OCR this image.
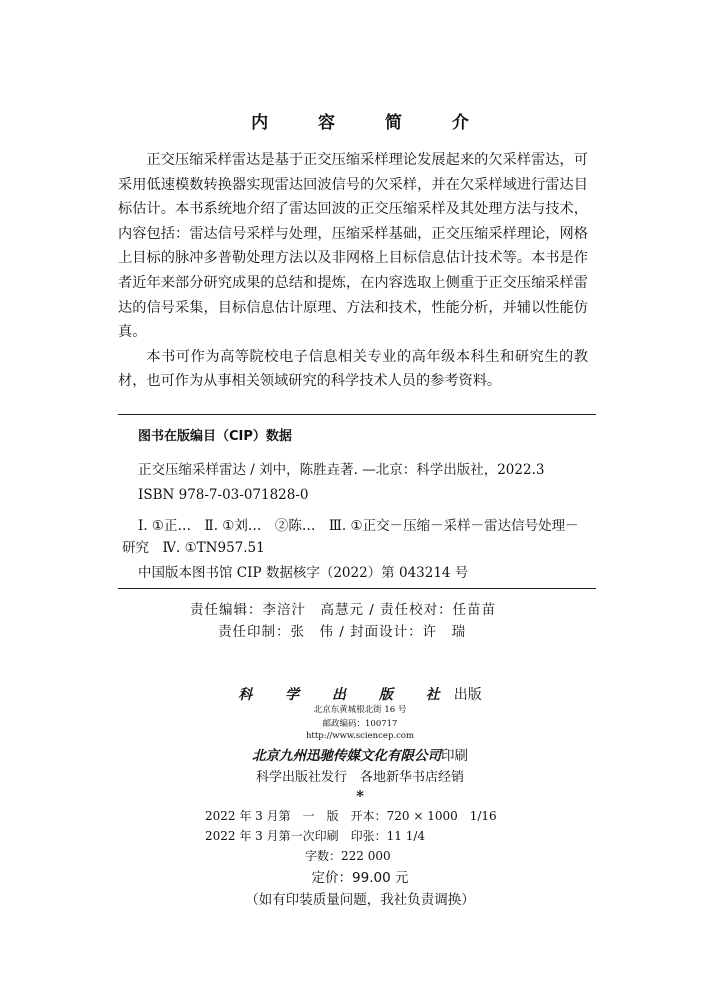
内 容 简 介

正交压缩采样雷达是基于正交压缩采样理论发展起来的欠采样雷达，可采用低速模数转换器实现雷达回波信号的欠采样，并在欠采样域进行雷达目标估计。本书系统地介绍了雷达回波的正交压缩采样及其处理方法与技术，内容包括：雷达信号采样与处理，压缩采样基础，正交压缩采样理论，网格上目标的脉冲多普勒处理方法以及非网格上目标信息估计技术等。本书是作者近年来部分研究成果的总结和提炼，在内容选取上侧重于正交压缩采样雷达的信号采集，目标信息估计原理、方法和技术，性能分析，并辅以性能仿真。

本书可作为高等院校电子信息相关专业的高年级本科生和研究生的教材，也可作为从事相关领域研究的科学技术人员的参考资料。

图书在版编目（CIP）数据
正交压缩采样雷达 / 刘中，陈胜垚著. —北京：科学出版社，2022.3
ISBN 978-7-03-071828-0
Ⅰ. ①正…　Ⅱ. ①刘…　②陈…　Ⅲ. ①正交－压缩－采样－雷达信号处理－研究　Ⅳ. ①TN957.51
中国版本图书馆 CIP 数据核字（2022）第 043214 号
责任编辑：李涪汁　高慧元 / 责任校对：任苗苗
责任印制：张　伟 / 封面设计：许　瑞
科 学 出 版 社出版
北京东黄城根北街 16 号
邮政编码：100717
http://www.sciencep.com
北京九州迅驰传媒文化有限公司印刷
科学出版社发行　各地新华书店经销
*
2022 年 3 月第　一　版　开本：720 × 1000　1/16
2022 年 3 月第一次印刷　印张：11 1/4
字数：222 000
定价：99.00 元
（如有印装质量问题，我社负责调换）
